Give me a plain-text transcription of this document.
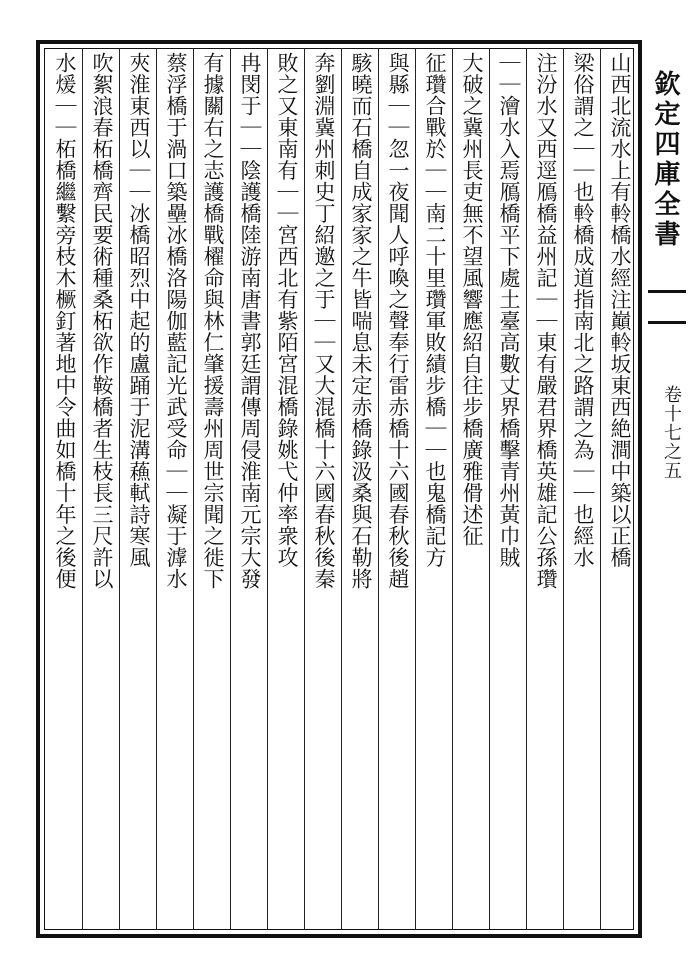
山西北流水上有軨橋水經注巔軨坂東西絶澗中築以正橋
梁俗謂之｜｜也軨橋成道指南北之路謂之為｜｜也經水
注汾水又西逕鴈橋益州記｜｜東有嚴君界橋英雄記公孫瓚
｜｜澮水入焉鴈橋平下處土臺高數丈界橋擊青州黃巾賊
大破之冀州長吏無不望風響應紹自往步橋廣雅傦述征
征瓚合戰於｜｜南二十里瓚軍敗績步橋｜｜也鬼橋記方
與縣｜｜忽一夜聞人呼喚之聲奉行雷赤橋十六國春秋後趙
駭曉而石橋自成家家之牛皆喘息未定赤橋錄汲桑與石勒將
奔劉淵冀州刺史丁紹邀之于｜｜又大混橋十六國春秋後秦
敗之又東南有｜｜宮西北有紫陌宮混橋錄姚弋仲率衆攻
冉閔于｜｜陰護橋陸游南唐書郭廷謂傳周侵淮南元宗大發
有據關右之志護橋戰櫂命與林仁肇援壽州周世宗聞之徙下
蔡浮橋于渦口築壘冰橋洛陽伽藍記光武受命｜｜凝于滹水
夾淮東西以｜｜冰橋昭烈中起的盧踊于泥溝蘓軾詩寒風
吹絮浪春柘橋齊民要術種桑柘欲作鞍橋者生枝長三尺許以
水煖｜｜柘橋繼繫旁枝木橛釘著地中令曲如橋十年之後便	欽定四庫全書
卷十七之五
